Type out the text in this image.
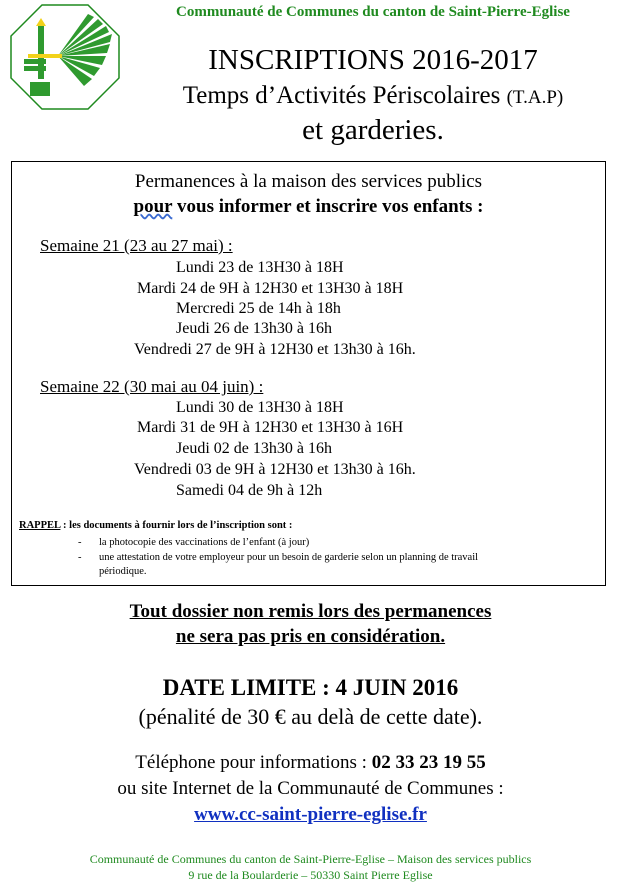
Communauté de Communes du canton de Saint-Pierre-Eglise
INSCRIPTIONS 2016-2017
Temps d’Activités Périscolaires (T.A.P)
et garderies.
Permanences à la maison des services publics
pour vous informer et inscrire vos enfants :
Semaine 21 (23 au 27 mai) :
Lundi 23 de 13H30 à 18H
Mardi 24 de 9H à 12H30 et 13H30 à 18H
Mercredi 25 de 14h à 18h
Jeudi 26 de 13h30 à 16h
Vendredi 27 de 9H à 12H30 et 13h30 à 16h.
Semaine 22 (30 mai au 04 juin) :
Lundi 30 de 13H30 à 18H
Mardi 31 de 9H à 12H30 et 13H30 à 16H
Jeudi 02 de 13h30 à 16h
Vendredi 03 de 9H à 12H30 et 13h30 à 16h.
Samedi 04 de 9h à 12h
RAPPEL : les documents à fournir lors de l’inscription sont :
- la photocopie des vaccinations de l’enfant (à jour)
- une attestation de votre employeur pour un besoin de garderie selon un planning de travail
périodique.
Tout dossier non remis lors des permanences
ne sera pas pris en considération.
DATE LIMITE : 4 JUIN 2016
(pénalité de 30 € au delà de cette date).
Téléphone pour informations : 02 33 23 19 55
ou site Internet de la Communauté de Communes :
www.cc-saint-pierre-eglise.fr
Communauté de Communes du canton de Saint-Pierre-Eglise – Maison des services publics
9 rue de la Boularderie – 50330 Saint Pierre Eglise
